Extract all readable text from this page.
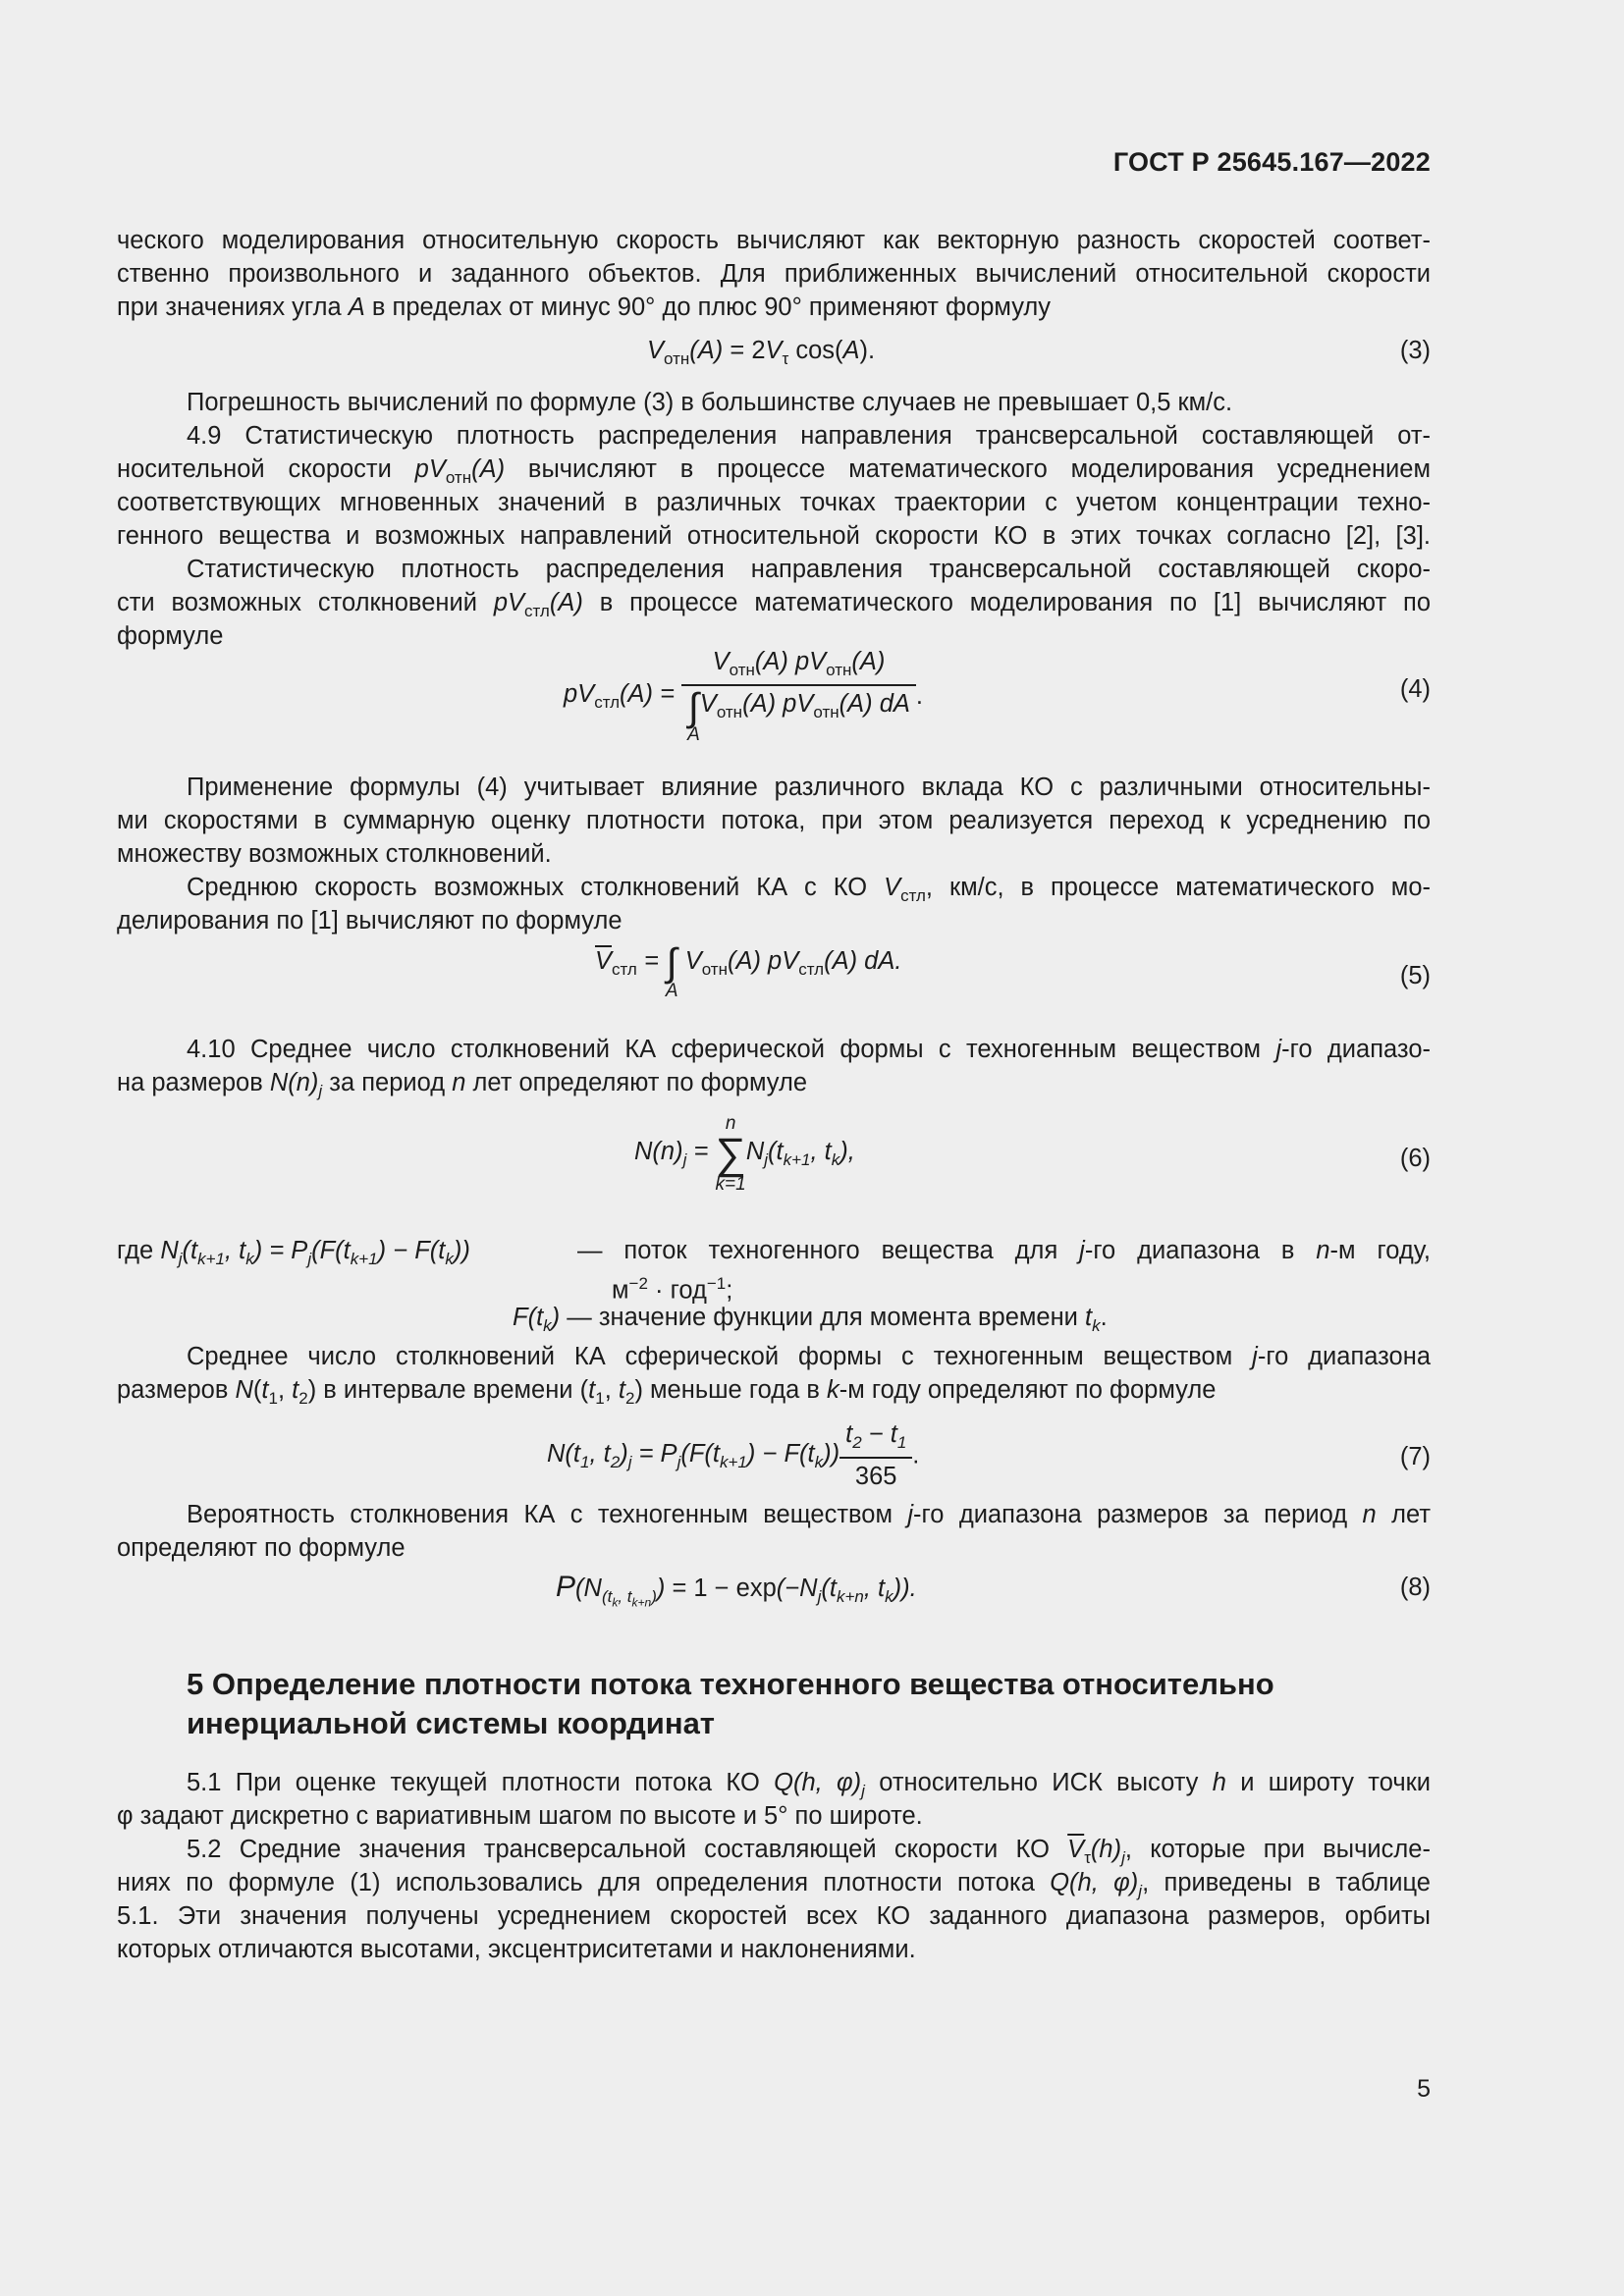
ГОСТ Р 25645.167—2022
ческого моделирования относительную скорость вычисляют как векторную разность скоростей соответ-
ственно произвольного и заданного объектов. Для приближенных вычислений относительной скорости
при значениях угла A в пределах от минус 90° до плюс 90° применяют формулу
$V_{отн}(A) = 2V_\tau$ cos(A).	(3)
Погрешность вычислений по формуле (3) в большинстве случаев не превышает 0,5 км/с.
4.9 Статистическую плотность распределения направления трансверсальной составляющей от-
носительной скорости $pV_{отн}(A)$ вычисляют в процессе математического моделирования усреднением
соответствующих мгновенных значений в различных точках траектории с учетом концентрации техно-
генного вещества и возможных направлений относительной скорости КО в этих точках согласно [2], [3].
Статистическую плотность распределения направления трансверсальной составляющей скоро-
сти возможных столкновений $pV_{стл}(A)$ в процессе математического моделирования по [1] вычисляют по
формуле
$pV_{стл}(A) = V_{отн}(A)$ $pV_{отн}(A)$
∫
A
$V_{отн}(A)$ $pV_{отн}(A)$ dA .	(4)
Применение формулы (4) учитывает влияние различного вклада КО с различными относительны-
ми скоростями в суммарную оценку плотности потока, при этом реализуется переход к усреднению по
множеству возможных столкновений.
Среднюю скорость возможных столкновений КА с КО $V_{стл}$, км/с, в процессе математического мо-
делирования по [1] вычисляют по формуле
$\overline{V}_{стл}$ = ∫
A
$V_{отн}(A)$ $pV_{стл}(A)$ dA.
(5)
4.10 Среднее число столкновений КА сферической формы с техногенным веществом j-го диапазо-
на размеров $N(n)_j$ за период n лет определяют по формуле
$N(n)_j$ =
n
∑
k=1
$N_j(t_{k+1}$, $t_k$),	(6)
где $N_j(t_{k+1}$, $t_k) = P_j(F(t_{k+1}) - F(t_k))$	— поток техногенного вещества для j-го диапазона в n-м году,
$м^{-2} \cdot год^{-1}$;
$F(t_k)$ — значение функции для момента времени $t_k$.
Среднее число столкновений КА сферической формы с техногенным веществом j-го диапазона
размеров $N(t_1$, $t_2$) в интервале времени ($t_1$, $t_2$) меньше года в k-м году определяют по формуле
$N(t_1$, $t_2)_j = P_j(F(t_{k+1}) - F(t_k)) \frac{t_2 - t_1}{365}$ .	(7)
Вероятность столкновения КА с техногенным веществом j-го диапазона размеров за период n лет
определяют по формуле
$P(N_{(t_k, t_{k+n})}) = 1 - \exp(-N_j(t_{k+n}$, $t_k$)).	(8)
5 Определение плотности потока техногенного вещества относительно
инерциальной системы координат
5.1 При оценке текущей плотности потока КО Q(h, $\varphi)_j$ относительно ИСК высоту h и широту точки
φ задают дискретно с вариативным шагом по высоте и 5° по широте.
5.2 Средние значения трансверсальной составляющей скорости КО $\overline{V}_\tau(h)_j$, которые при вычисле-
ниях по формуле (1) использовались для определения плотности потока Q(h, $\varphi)_j$, приведены в таблице
5.1. Эти значения получены усреднением скоростей всех КО заданного диапазона размеров, орбиты
которых отличаются высотами, эксцентриситетами и наклонениями.
5
